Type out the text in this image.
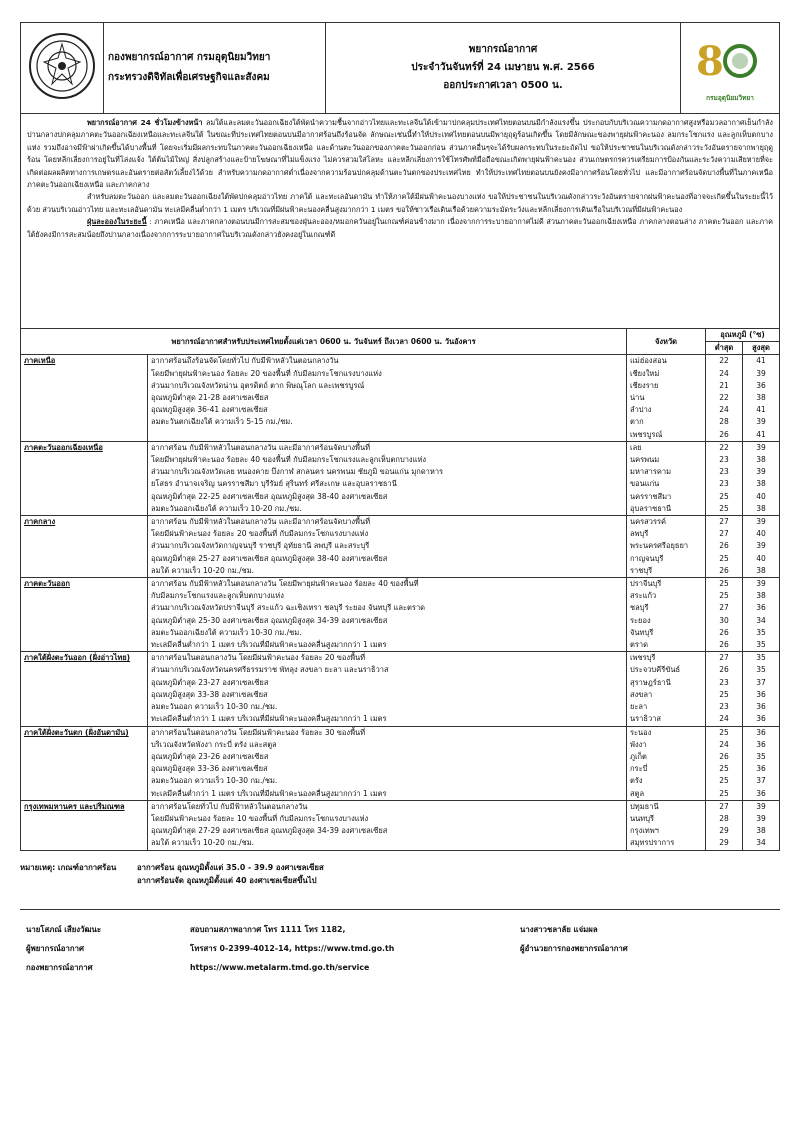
กองพยากรณ์อากาศ กรมอุตุนิยมวิทยา
กระทรวงดิจิทัลเพื่อเศรษฐกิจและสังคม

พยากรณ์อากาศ
ประจำวันจันทร์ที่ 24 เมษายน พ.ศ. 2566
ออกประกาศเวลา 0500 น.

8
กรมอุตุนิยมวิทยา

พยากรณ์อากาศ 24 ชั่วโมงข้างหน้า ลมใต้และลมตะวันออกเฉียงใต้พัดนำความชื้นจากอ่าวไทยและทะเลจีนใต้เข้ามาปกคลุมประเทศไทยตอนบนมีกำลังแรงขึ้น ประกอบกับบริเวณความกดอากาศสูงหรือมวลอากาศเย็นกำลังปานกลางปกคลุมภาคตะวันออกเฉียงเหนือและทะเลจีนใต้ ในขณะที่ประเทศไทยตอนบนมีอากาศร้อนถึงร้อนจัด ลักษณะเช่นนี้ทำให้ประเทศไทยตอนบนมีพายุฤดูร้อนเกิดขึ้น โดยมีลักษณะของพายุฝนฟ้าคะนอง ลมกระโชกแรง และลูกเห็บตกบางแห่ง รวมถึงอาจมีฟ้าผ่าเกิดขึ้นได้บางพื้นที่ โดยจะเริ่มมีผลกระทบในภาคตะวันออกเฉียงเหนือ และด้านตะวันออกของภาคตะวันออกก่อน ส่วนภาคอื่นๆจะได้รับผลกระทบในระยะถัดไป ขอให้ประชาชนในบริเวณดังกล่าวระวังอันตรายจากพายุฤดูร้อน โดยหลีกเลี่ยงการอยู่ในที่โล่งแจ้ง ใต้ต้นไม้ใหญ่ สิ่งปลูกสร้างและป้ายโฆษณาที่ไม่แข็งแรง ไม่ควรสวมใส่โลหะ และหลีกเลี่ยงการใช้โทรศัพท์มือถือขณะเกิดพายุฝนฟ้าคะนอง ส่วนเกษตรกรควรเตรียมการป้องกันและระวังความเสียหายที่จะเกิดต่อผลผลิตทางการเกษตรและอันตรายต่อสัตว์เลี้ยงไว้ด้วย สำหรับความกดอากาศต่ำเนื่องจากความร้อนปกคลุมด้านตะวันตกของประเทศไทย ทำให้ประเทศไทยตอนบนยังคงมีอากาศร้อนโดยทั่วไป และมีอากาศร้อนจัดบางพื้นที่ในภาคเหนือ ภาคตะวันออกเฉียงเหนือ และภาคกลาง

สำหรับลมตะวันออก และลมตะวันออกเฉียงใต้พัดปกคลุมอ่าวไทย ภาคใต้ และทะเลอันดามัน ทำให้ภาคใต้มีฝนฟ้าคะนองบางแห่ง ขอให้ประชาชนในบริเวณดังกล่าวระวังอันตรายจากฝนฟ้าคะนองที่อาจจะเกิดขึ้นในระยะนี้ไว้ด้วย ส่วนบริเวณอ่าวไทย และทะเลอันดามัน ทะเลมีคลื่นต่ำกว่า 1 เมตร บริเวณที่มีฝนฟ้าคะนองคลื่นสูงมากกว่า 1 เมตร ขอให้ชาวเรือเดินเรือด้วยความระมัดระวังและหลีกเลี่ยงการเดินเรือในบริเวณที่มีฝนฟ้าคะนอง

ฝุ่นละอองในระยะนี้ : ภาคเหนือ และภาคกลางตอนบนมีการสะสมของฝุ่นละออง/หมอกควันอยู่ในเกณฑ์ค่อนข้างมาก เนื่องจากการระบายอากาศไม่ดี ส่วนภาคตะวันออกเฉียงเหนือ ภาคกลางตอนล่าง ภาคตะวันออก และภาคใต้ยังคงมีการสะสมน้อยถึงปานกลางเนื่องจากการระบายอากาศในบริเวณดังกล่าวยังคงอยู่ในเกณฑ์ดี

พยากรณ์อากาศสำหรับประเทศไทยตั้งแต่เวลา 0600 น. วันจันทร์ ถึงเวลา 0600 น. วันอังคาร		จังหวัด	อุณหภูมิ (°ซ)	
			ต่ำสุด	สูงสุด
ภาคเหนือ	อากาศร้อนถึงร้อนจัดโดยทั่วไป กับมีฟ้าหลัวในตอนกลางวัน	แม่ฮ่องสอน	22	41
	โดยมีพายุฝนฟ้าคะนอง ร้อยละ 20 ของพื้นที่ กับมีลมกระโชกแรงบางแห่ง	เชียงใหม่	24	39
	ส่วนมากบริเวณจังหวัดน่าน อุตรดิตถ์ ตาก พิษณุโลก และเพชรบูรณ์	เชียงราย	21	36
	อุณหภูมิต่ำสุด 21-28 องศาเซลเซียส	น่าน	22	38
	อุณหภูมิสูงสุด 36-41 องศาเซลเซียส	ลำปาง	24	41
	ลมตะวันตกเฉียงใต้ ความเร็ว 5-15 กม./ชม.	ตาก	28	39
		เพชรบูรณ์	26	41
ภาคตะวันออกเฉียงเหนือ	อากาศร้อน กับมีฟ้าหลัวในตอนกลางวัน และมีอากาศร้อนจัดบางพื้นที่	เลย	22	39
	โดยมีพายุฝนฟ้าคะนอง ร้อยละ 40 ของพื้นที่ กับมีลมกระโชกแรงและลูกเห็บตกบางแห่ง	นครพนม	23	38
	ส่วนมากบริเวณจังหวัดเลย หนองคาย บึงกาฬ สกลนคร นครพนม ชัยภูมิ ขอนแก่น มุกดาหาร	มหาสารคาม	23	39
	ยโสธร อำนาจเจริญ นครราชสีมา บุรีรัมย์ สุรินทร์ ศรีสะเกษ และอุบลราชธานี	ขอนแก่น	23	38
	อุณหภูมิต่ำสุด 22-25 องศาเซลเซียส อุณหภูมิสูงสุด 38-40 องศาเซลเซียส	นครราชสีมา	25	40
	ลมตะวันออกเฉียงใต้ ความเร็ว 10-20 กม./ชม.	อุบลราชธานี	25	38
ภาคกลาง	อากาศร้อน กับมีฟ้าหลัวในตอนกลางวัน และมีอากาศร้อนจัดบางพื้นที่	นครสวรรค์	27	39
	โดยมีฝนฟ้าคะนอง ร้อยละ 20 ของพื้นที่ กับมีลมกระโชกแรงบางแห่ง	ลพบุรี	27	40
	ส่วนมากบริเวณจังหวัดกาญจนบุรี ราชบุรี อุทัยธานี ลพบุรี และสระบุรี	พระนครศรีอยุธยา	26	39
	อุณหภูมิต่ำสุด 25-27 องศาเซลเซียส อุณหภูมิสูงสุด 38-40 องศาเซลเซียส	กาญจนบุรี	25	40
	ลมใต้ ความเร็ว 10-20 กม./ชม.	ราชบุรี	26	38
ภาคตะวันออก	อากาศร้อน กับมีฟ้าหลัวในตอนกลางวัน โดยมีพายุฝนฟ้าคะนอง ร้อยละ 40 ของพื้นที่	ปราจีนบุรี	25	39
	กับมีลมกระโชกแรงและลูกเห็บตกบางแห่ง	สระแก้ว	25	38
	ส่วนมากบริเวณจังหวัดปราจีนบุรี สระแก้ว ฉะเชิงเทรา ชลบุรี ระยอง จันทบุรี และตราด	ชลบุรี	27	36
	อุณหภูมิต่ำสุด 25-30 องศาเซลเซียส อุณหภูมิสูงสุด 34-39 องศาเซลเซียส	ระยอง	30	34
	ลมตะวันออกเฉียงใต้ ความเร็ว 10-30 กม./ชม.	จันทบุรี	26	35
	ทะเลมีคลื่นต่ำกว่า 1 เมตร บริเวณที่มีฝนฟ้าคะนองคลื่นสูงมากกว่า 1 เมตร	ตราด	26	35
ภาคใต้ฝั่งตะวันออก (ฝั่งอ่าวไทย)	อากาศร้อนในตอนกลางวัน โดยมีฝนฟ้าคะนอง ร้อยละ 20 ของพื้นที่	เพชรบุรี	27	35
	ส่วนมากบริเวณจังหวัดนครศรีธรรมราช พัทลุง สงขลา ยะลา และนราธิวาส	ประจวบคีรีขันธ์	26	35
	อุณหภูมิต่ำสุด 23-27 องศาเซลเซียส	สุราษฎร์ธานี	23	37
	อุณหภูมิสูงสุด 33-38 องศาเซลเซียส	สงขลา	25	36
	ลมตะวันออก ความเร็ว 10-30 กม./ชม.	ยะลา	23	36
	ทะเลมีคลื่นต่ำกว่า 1 เมตร บริเวณที่มีฝนฟ้าคะนองคลื่นสูงมากกว่า 1 เมตร	นราธิวาส	24	36
ภาคใต้ฝั่งตะวันตก (ฝั่งอันดามัน)	อากาศร้อนในตอนกลางวัน โดยมีฝนฟ้าคะนอง ร้อยละ 30 ของพื้นที่	ระนอง	25	36
	บริเวณจังหวัดพังงา กระบี่ ตรัง และสตูล	พังงา	24	36
	อุณหภูมิต่ำสุด 23-26 องศาเซลเซียส	ภูเก็ต	26	35
	อุณหภูมิสูงสุด 33-36 องศาเซลเซียส	กระบี่	25	36
	ลมตะวันออก ความเร็ว 10-30 กม./ชม.	ตรัง	25	37
	ทะเลมีคลื่นต่ำกว่า 1 เมตร บริเวณที่มีฝนฟ้าคะนองคลื่นสูงมากกว่า 1 เมตร	สตูล	25	36
กรุงเทพมหานคร และปริมณฑล	อากาศร้อนโดยทั่วไป กับมีฟ้าหลัวในตอนกลางวัน	ปทุมธานี	27	39
	โดยมีฝนฟ้าคะนอง ร้อยละ 10 ของพื้นที่ กับมีลมกระโชกแรงบางแห่ง	นนทบุรี	28	39
	อุณหภูมิต่ำสุด 27-29 องศาเซลเซียส อุณหภูมิสูงสุด 34-39 องศาเซลเซียส	กรุงเทพฯ	29	38
	ลมใต้ ความเร็ว 10-20 กม./ชม.	สมุทรปราการ	29	34
หมายเหตุ: เกณฑ์อากาศร้อน	อากาศร้อน อุณหภูมิตั้งแต่ 35.0 - 39.9 องศาเซลเซียส
อากาศร้อนจัด อุณหภูมิตั้งแต่ 40 องศาเซลเซียสขึ้นไป
นายโสภณ์ เสียงวัฒนะ
ผู้พยากรณ์อากาศ
กองพยากรณ์อากาศ
สอบถามสภาพอากาศ โทร 1111 โทร 1182,
โทรสาร 0-2399-4012-14, https://www.tmd.go.th
https://www.metalarm.tmd.go.th/service
นางสาวชลาลัย แจ่มผล
ผู้อำนวยการกองพยากรณ์อากาศ
